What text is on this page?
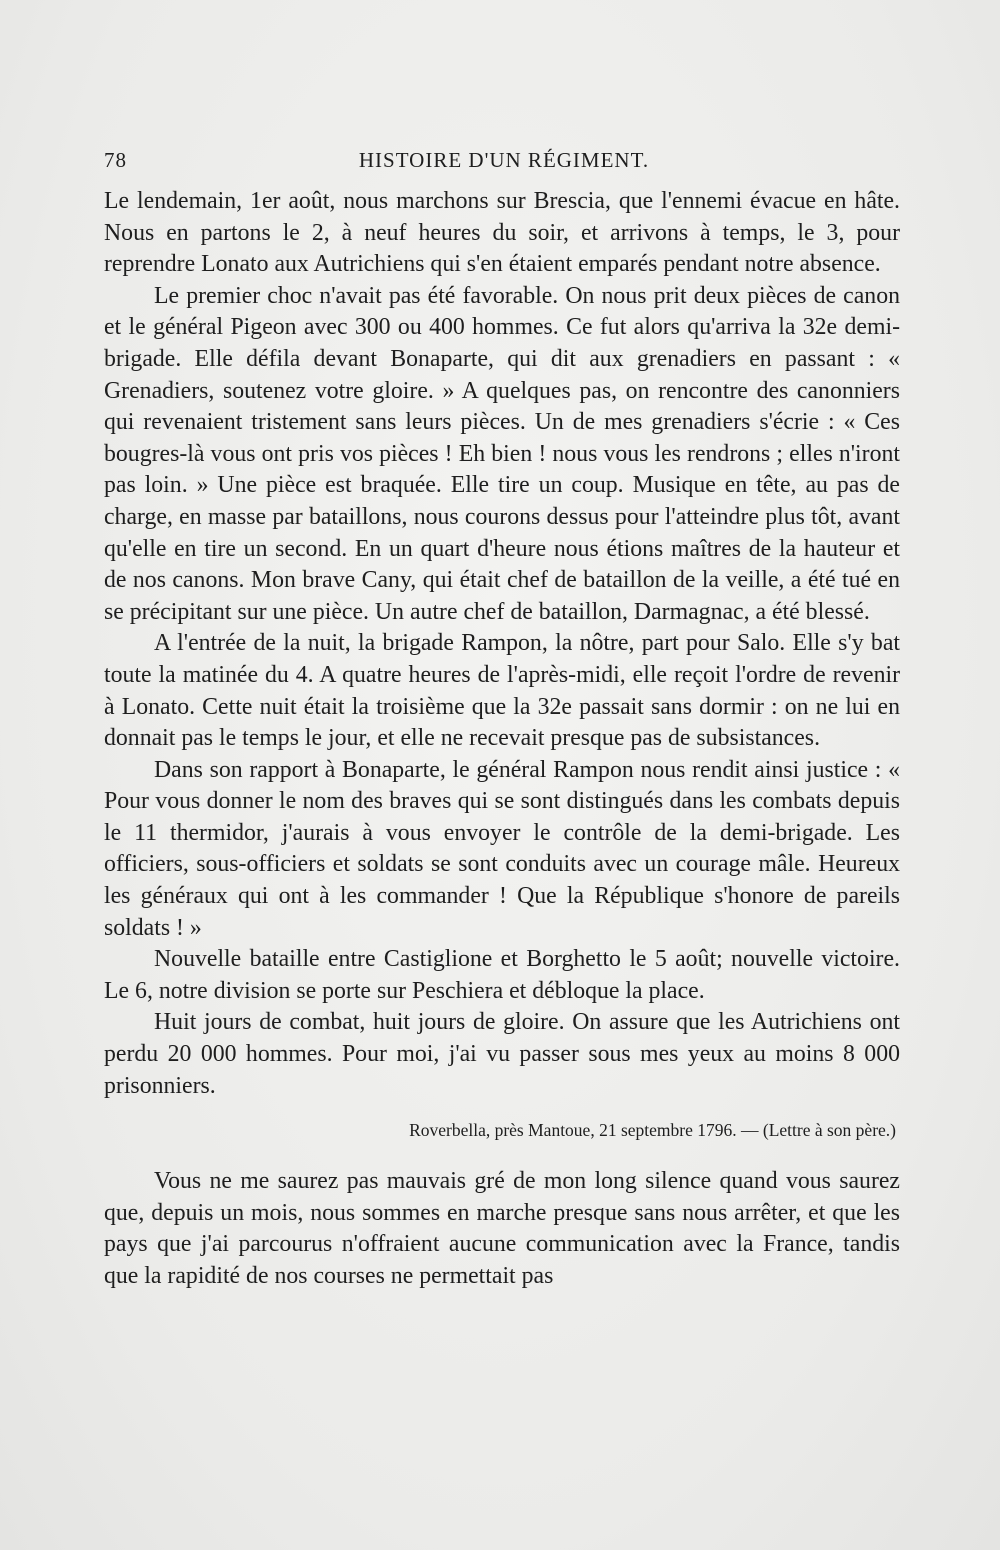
78	HISTOIRE D'UN RÉGIMENT.

Le lendemain, 1er août, nous marchons sur Brescia, que l'ennemi évacue en hâte. Nous en partons le 2, à neuf heures du soir, et arrivons à temps, le 3, pour reprendre Lonato aux Autrichiens qui s'en étaient emparés pendant notre absence.

Le premier choc n'avait pas été favorable. On nous prit deux pièces de canon et le général Pigeon avec 300 ou 400 hommes. Ce fut alors qu'arriva la 32e demi-brigade. Elle défila devant Bonaparte, qui dit aux grenadiers en passant : « Grenadiers, soutenez votre gloire. » A quelques pas, on rencontre des canonniers qui revenaient tristement sans leurs pièces. Un de mes grenadiers s'écrie : « Ces bougres-là vous ont pris vos pièces ! Eh bien ! nous vous les rendrons ; elles n'iront pas loin. » Une pièce est braquée. Elle tire un coup. Musique en tête, au pas de charge, en masse par bataillons, nous courons dessus pour l'atteindre plus tôt, avant qu'elle en tire un second. En un quart d'heure nous étions maîtres de la hauteur et de nos canons. Mon brave Cany, qui était chef de bataillon de la veille, a été tué en se précipitant sur une pièce. Un autre chef de bataillon, Darmagnac, a été blessé.

A l'entrée de la nuit, la brigade Rampon, la nôtre, part pour Salo. Elle s'y bat toute la matinée du 4. A quatre heures de l'après-midi, elle reçoit l'ordre de revenir à Lonato. Cette nuit était la troisième que la 32e passait sans dormir : on ne lui en donnait pas le temps le jour, et elle ne recevait presque pas de subsistances.

Dans son rapport à Bonaparte, le général Rampon nous rendit ainsi justice : « Pour vous donner le nom des braves qui se sont distingués dans les combats depuis le 11 thermidor, j'aurais à vous envoyer le contrôle de la demi-brigade. Les officiers, sous-officiers et soldats se sont conduits avec un courage mâle. Heureux les généraux qui ont à les commander ! Que la République s'honore de pareils soldats ! »

Nouvelle bataille entre Castiglione et Borghetto le 5 août; nouvelle victoire. Le 6, notre division se porte sur Peschiera et débloque la place.

Huit jours de combat, huit jours de gloire. On assure que les Autrichiens ont perdu 20 000 hommes. Pour moi, j'ai vu passer sous mes yeux au moins 8 000 prisonniers.

Roverbella, près Mantoue, 21 septembre 1796. — (Lettre à son père.)

Vous ne me saurez pas mauvais gré de mon long silence quand vous saurez que, depuis un mois, nous sommes en marche presque sans nous arrêter, et que les pays que j'ai parcourus n'offraient aucune communication avec la France, tandis que la rapidité de nos courses ne permettait pas
